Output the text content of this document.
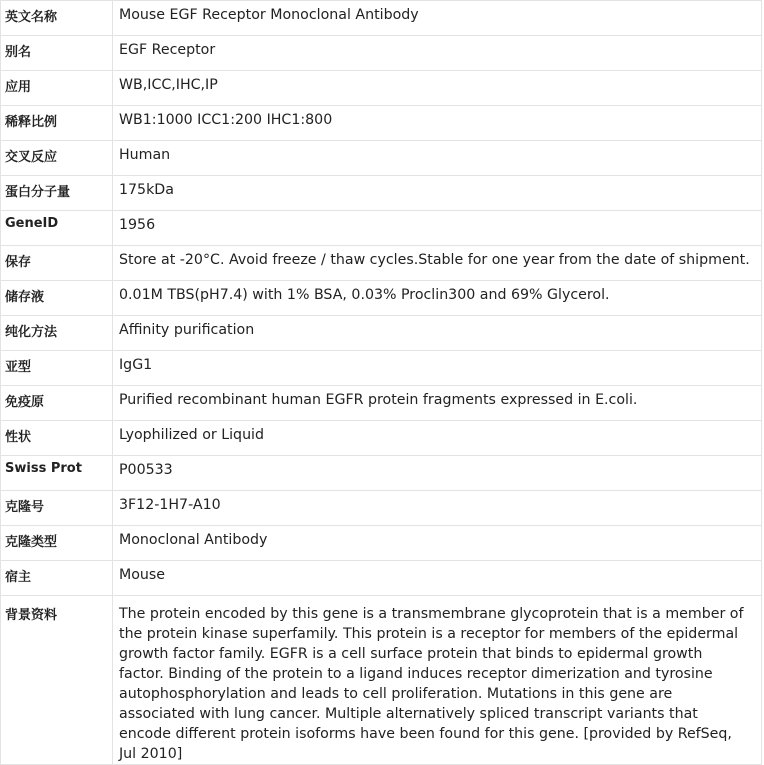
英文名称	Mouse EGF Receptor Monoclonal Antibody
别名	EGF Receptor
应用	WB,ICC,IHC,IP
稀释比例	WB1:1000 ICC1:200 IHC1:800
交叉反应	Human
蛋白分子量	175kDa
GeneID	1956
保存	Store at -20°C. Avoid freeze / thaw cycles.Stable for one year from the date of shipment.
储存液	0.01M TBS(pH7.4) with 1% BSA, 0.03% Proclin300 and 69% Glycerol.
纯化方法	Affinity purification
亚型	IgG1
免疫原	Purified recombinant human EGFR protein fragments expressed in E.coli.
性状	Lyophilized or Liquid
Swiss Prot	P00533
克隆号	3F12-1H7-A10
克隆类型	Monoclonal Antibody
宿主	Mouse
背景资料	The protein encoded by this gene is a transmembrane glycoprotein that is a member of the protein kinase superfamily. This protein is a receptor for members of the epidermal growth factor family. EGFR is a cell surface protein that binds to epidermal growth factor. Binding of the protein to a ligand induces receptor dimerization and tyrosine autophosphorylation and leads to cell proliferation. Mutations in this gene are associated with lung cancer. Multiple alternatively spliced transcript variants that encode different protein isoforms have been found for this gene. [provided by RefSeq, Jul 2010]
